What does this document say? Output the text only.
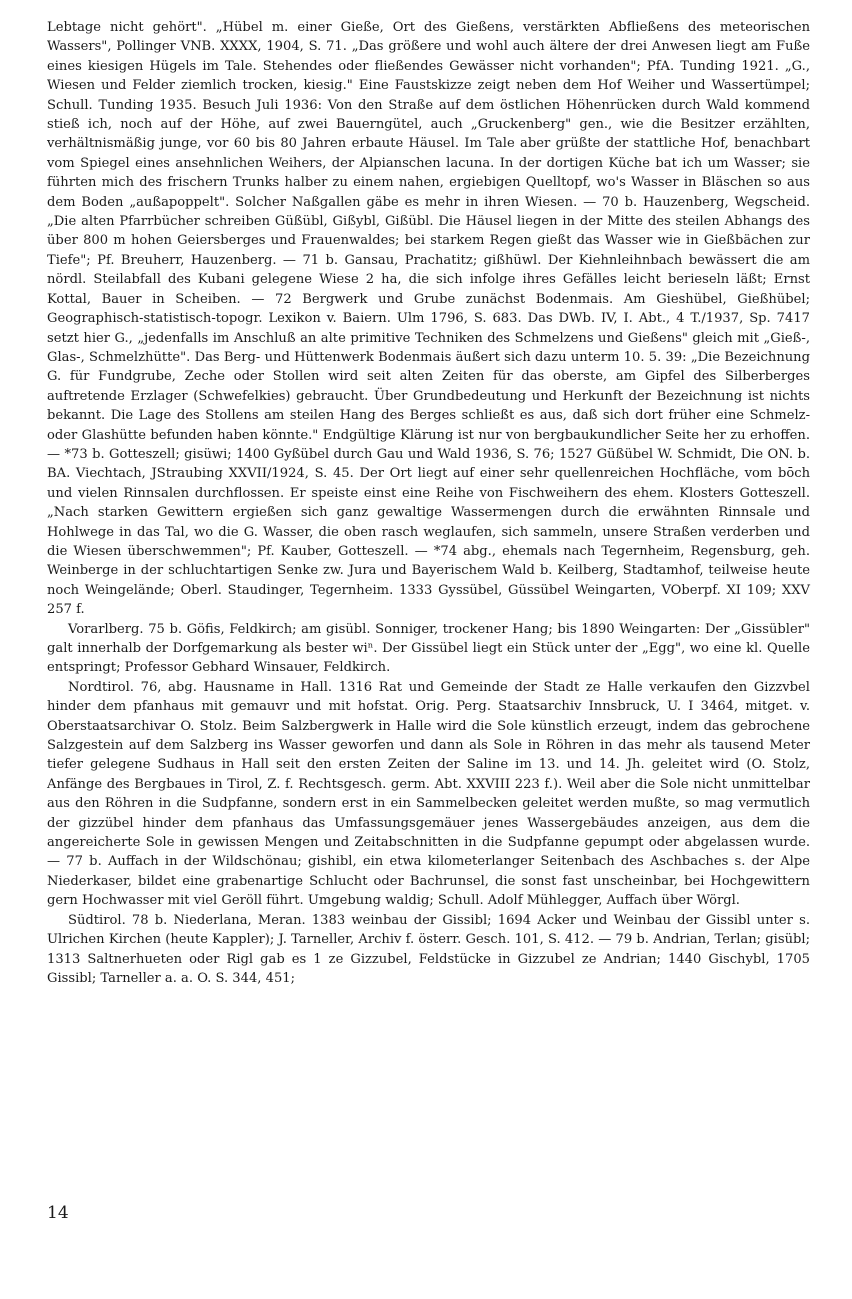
Lebtage nicht gehört". „Hübel m. einer Gieße, Ort des Gießens, verstärkten Abfließens des meteorischen Wassers", Pollinger VNB. XXXX, 1904, S. 71. „Das größere und wohl auch ältere der drei Anwesen liegt am Fuße eines kiesigen Hügels im Tale. Stehendes oder fließendes Gewässer nicht vorhanden"; PfA. Tunding 1921. „G., Wiesen und Felder ziemlich trocken, kiesig." Eine Faustskizze zeigt neben dem Hof Weiher und Wassertümpel; Schull. Tunding 1935. Besuch Juli 1936: Von den Straße auf dem östlichen Höhenrücken durch Wald kommend stieß ich, noch auf der Höhe, auf zwei Bauerngütel, auch „Gruckenberg" gen., wie die Besitzer erzählten, verhältnismäßig junge, vor 60 bis 80 Jahren erbaute Häusel. Im Tale aber grüßte der stattliche Hof, benachbart vom Spiegel eines ansehnlichen Weihers, der Alpianschen lacuna. In der dortigen Küche bat ich um Wasser; sie führten mich des frischern Trunks halber zu einem nahen, ergiebigen Quelltopf, wo's Wasser in Bläschen so aus dem Boden „außapoppelt". Solcher Naßgallen gäbe es mehr in ihren Wiesen. — 70 b. Hauzenberg, Wegscheid. „Die alten Pfarrbücher schreiben Güßübl, Gißybl, Gißübl. Die Häusel liegen in der Mitte des steilen Abhangs des über 800 m hohen Geiersberges und Frauenwaldes; bei starkem Regen gießt das Wasser wie in Gießbächen zur Tiefe"; Pf. Breuherr, Hauzenberg. — 71 b. Gansau, Prachatitz; gißhüwl. Der Kiehnleihnbach bewässert die am nördl. Steilabfall des Kubani gelegene Wiese 2 ha, die sich infolge ihres Gefälles leicht berieseln läßt; Ernst Kottal, Bauer in Scheiben. — 72 Bergwerk und Grube zunächst Bodenmais. Am Gieshübel, Gießhübel; Geographisch-statistisch-topogr. Lexikon v. Baiern. Ulm 1796, S. 683. Das DWb. IV, I. Abt., 4 T./1937, Sp. 7417 setzt hier G., „jedenfalls im Anschluß an alte primitive Techniken des Schmelzens und Gießens" gleich mit „Gieß-, Glas-, Schmelzhütte". Das Berg- und Hüttenwerk Bodenmais äußert sich dazu unterm 10. 5. 39: „Die Bezeichnung G. für Fundgrube, Zeche oder Stollen wird seit alten Zeiten für das oberste, am Gipfel des Silberberges auftretende Erzlager (Schwefelkies) gebraucht. Über Grundbedeutung und Herkunft der Bezeichnung ist nichts bekannt. Die Lage des Stollens am steilen Hang des Berges schließt es aus, daß sich dort früher eine Schmelz- oder Glashütte befunden haben könnte." Endgültige Klärung ist nur von bergbaukundlicher Seite her zu erhoffen. — *73 b. Gotteszell; gisüwi; 1400 Gyßübel durch Gau und Wald 1936, S. 76; 1527 Güßübel W. Schmidt, Die ON. b. BA. Viechtach, JStraubing XXVII/1924, S. 45. Der Ort liegt auf einer sehr quellenreichen Hochfläche, vom bōch und vielen Rinnsalen durchflossen. Er speiste einst eine Reihe von Fischweihern des ehem. Klosters Gotteszell. „Nach starken Gewittern ergießen sich ganz gewaltige Wassermengen durch die erwähnten Rinnsale und Hohlwege in das Tal, wo die G. Wasser, die oben rasch weglaufen, sich sammeln, unsere Straßen verderben und die Wiesen überschwemmen"; Pf. Kauber, Gotteszell. — *74 abg., ehemals nach Tegernheim, Regensburg, geh. Weinberge in der schluchtartigen Senke zw. Jura und Bayerischem Wald b. Keilberg, Stadtamhof, teilweise heute noch Weingelände; Oberl. Staudinger, Tegernheim. 1333 Gyssübel, Güssübel Weingarten, VOberpf. XI 109; XXV 257 f.

Vorarlberg. 75 b. Göfis, Feldkirch; am gisübl. Sonniger, trockener Hang; bis 1890 Weingarten: Der „Gissübler" galt innerhalb der Dorfgemarkung als bester wiⁿ. Der Gissübel liegt ein Stück unter der „Egg", wo eine kl. Quelle entspringt; Professor Gebhard Winsauer, Feldkirch.

Nordtirol. 76, abg. Hausname in Hall. 1316 Rat und Gemeinde der Stadt ze Halle verkaufen den Gizzvbel hinder dem pfanhaus mit gemauvr und mit hofstat. Orig. Perg. Staatsarchiv Innsbruck, U. I 3464, mitget. v. Oberstaatsarchivar O. Stolz. Beim Salzbergwerk in Halle wird die Sole künstlich erzeugt, indem das gebrochene Salzgestein auf dem Salzberg ins Wasser geworfen und dann als Sole in Röhren in das mehr als tausend Meter tiefer gelegene Sudhaus in Hall seit den ersten Zeiten der Saline im 13. und 14. Jh. geleitet wird (O. Stolz, Anfänge des Bergbaues in Tirol, Z. f. Rechtsgesch. germ. Abt. XXVIII 223 f.). Weil aber die Sole nicht unmittelbar aus den Röhren in die Sudpfanne, sondern erst in ein Sammelbecken geleitet werden mußte, so mag vermutlich der gizzübel hinder dem pfanhaus das Umfassungsgemäuer jenes Wassergebäudes anzeigen, aus dem die angereicherte Sole in gewissen Mengen und Zeitabschnitten in die Sudpfanne gepumpt oder abgelassen wurde. — 77 b. Auffach in der Wildschönau; gishibl, ein etwa kilometerlanger Seitenbach des Aschbaches s. der Alpe Niederkaser, bildet eine grabenartige Schlucht oder Bachrunsel, die sonst fast unscheinbar, bei Hochgewittern gern Hochwasser mit viel Geröll führt. Umgebung waldig; Schull. Adolf Mühlegger, Auffach über Wörgl.

Südtirol. 78 b. Niederlana, Meran. 1383 weinbau der Gissibl; 1694 Acker und Weinbau der Gissibl unter s. Ulrichen Kirchen (heute Kappler); J. Tarneller, Archiv f. österr. Gesch. 101, S. 412. — 79 b. Andrian, Terlan; gisübl; 1313 Saltnerhueten oder Rigl gab es 1 ze Gizzubel, Feldstücke in Gizzubel ze Andrian; 1440 Gischybl, 1705 Gissibl; Tarneller a. a. O. S. 344, 451;

14
